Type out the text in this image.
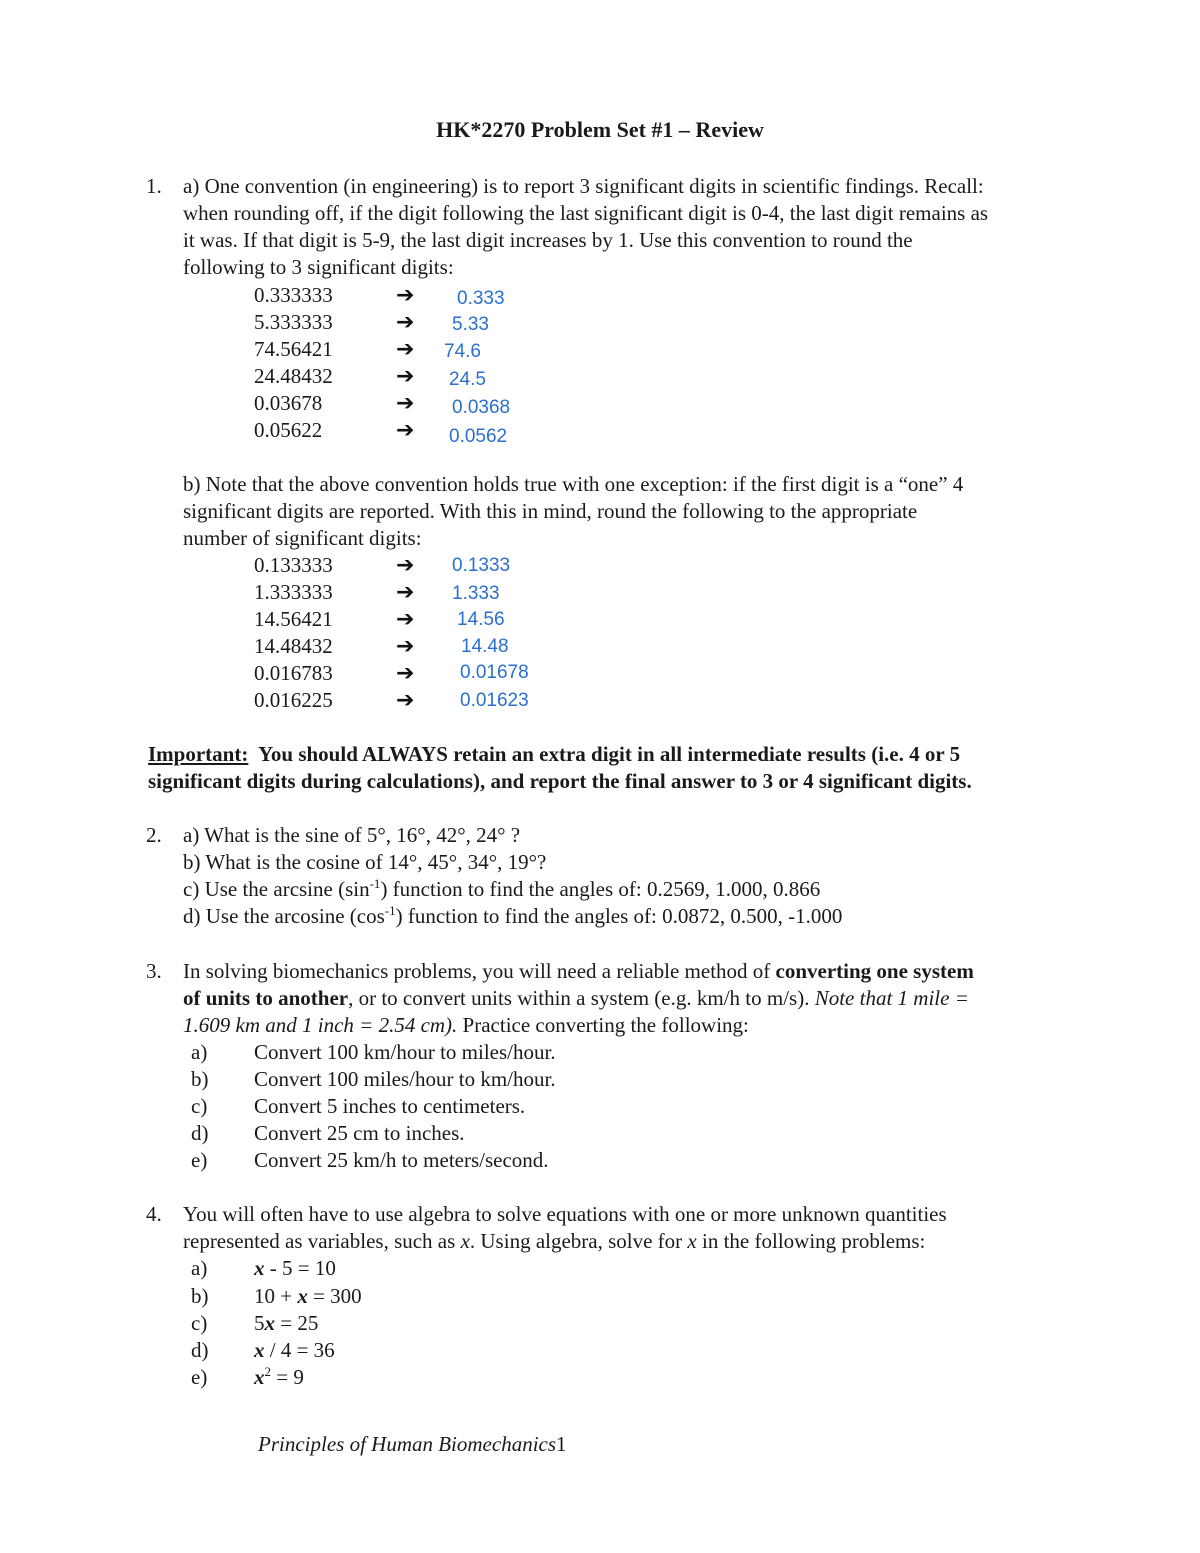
HK*2270 Problem Set #1 – Review
1. a) One convention (in engineering) is to report 3 significant digits in scientific findings. Recall:
when rounding off, if the digit following the last significant digit is 0-4, the last digit remains as
it was. If that digit is 5-9, the last digit increases by 1. Use this convention to round the
following to 3 significant digits:
0.333333	➔ 0.333
5.333333	➔ 5.33
74.56421	➔ 74.6
24.48432	➔ 24.5
0.03678	➔ 0.0368
0.05622	➔ 0.0562
b) Note that the above convention holds true with one exception: if the first digit is a “one” 4
significant digits are reported. With this in mind, round the following to the appropriate
number of significant digits:
0.133333	➔ 0.1333
1.333333	➔ 1.333
14.56421	➔ 14.56
14.48432	➔ 14.48
0.016783	➔ 0.01678
0.016225	➔ 0.01623
Important: You should ALWAYS retain an extra digit in all intermediate results (i.e. 4 or 5
significant digits during calculations), and report the final answer to 3 or 4 significant digits.
2. a) What is the sine of 5°, 16°, 42°, 24° ?
b) What is the cosine of 14°, 45°, 34°, 19°?
c) Use the arcsine $(\sin^{-1})$ function to find the angles of: 0.2569, 1.000, 0.866
d) Use the arcosine $(\cos^{-1})$ function to find the angles of: 0.0872, 0.500, -1.000
3. In solving biomechanics problems, you will need a reliable method of converting one system
of units to another, or to convert units within a system (e.g. km/h to m/s). Note that 1 mile =
1.609 km and 1 inch = 2.54 cm). Practice converting the following:
a) Convert 100 km/hour to miles/hour.
b) Convert 100 miles/hour to km/hour.
c) Convert 5 inches to centimeters.
d) Convert 25 cm to inches.
e) Convert 25 km/h to meters/second.
4. You will often have to use algebra to solve equations with one or more unknown quantities
represented as variables, such as x. Using algebra, solve for x in the following problems:
a) x - 5 = 10
b) 10 + x = 300
c) 5x = 25
d) x / 4 = 36
e) $x^2 = 9$
Principles of Human Biomechanics1
